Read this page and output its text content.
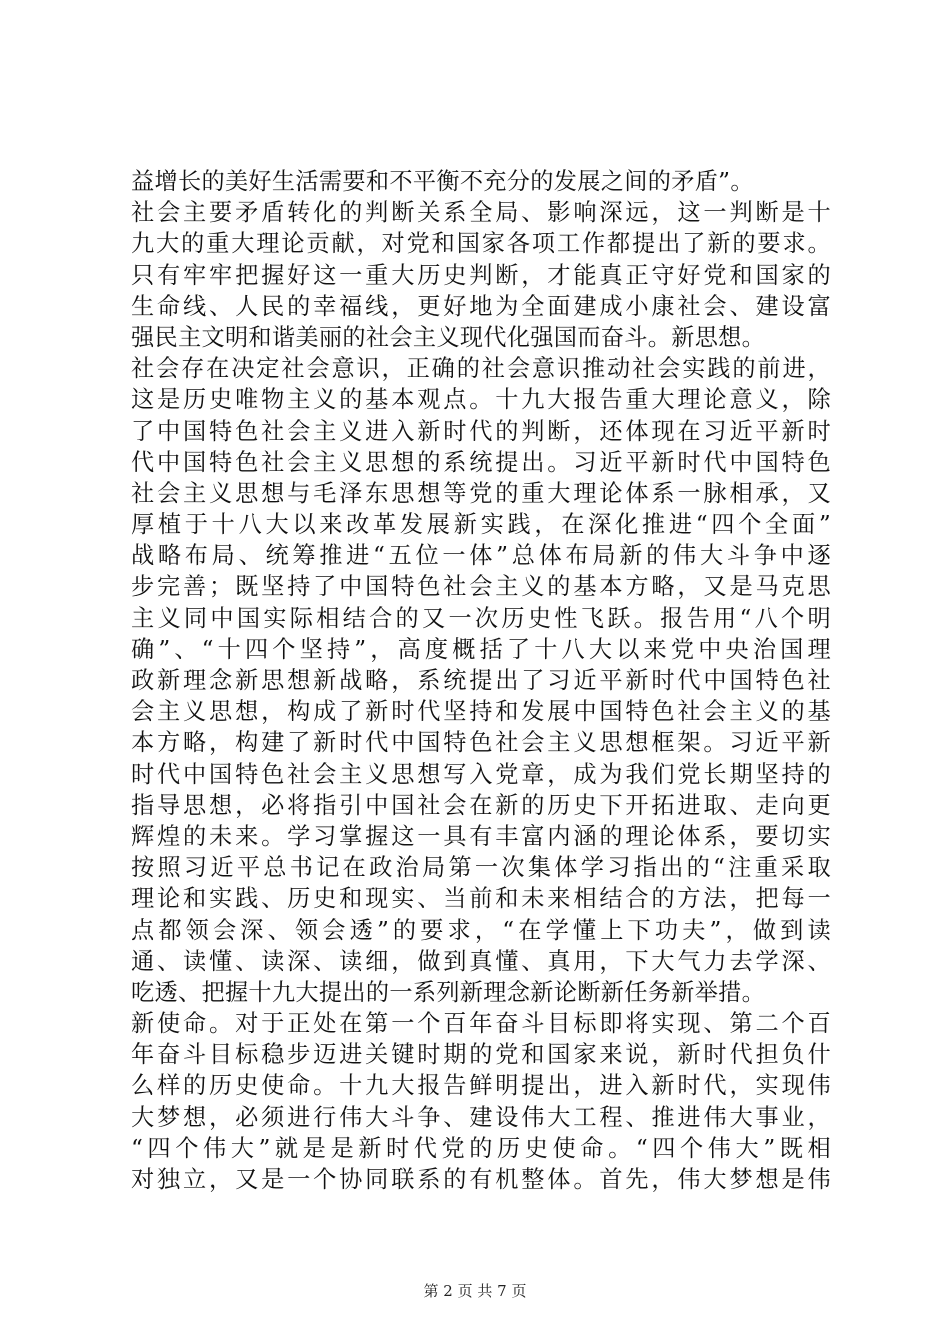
益增长的美好生活需要和不平衡不充分的发展之间的矛盾”。
社会主要矛盾转化的判断关系全局、影响深远，这一判断是十
九大的重大理论贡献，对党和国家各项工作都提出了新的要求。
只有牢牢把握好这一重大历史判断，才能真正守好党和国家的
生命线、人民的幸福线，更好地为全面建成小康社会、建设富
强民主文明和谐美丽的社会主义现代化强国而奋斗。新思想。
社会存在决定社会意识，正确的社会意识推动社会实践的前进，
这是历史唯物主义的基本观点。十九大报告重大理论意义，除
了中国特色社会主义进入新时代的判断，还体现在习近平新时
代中国特色社会主义思想的系统提出。习近平新时代中国特色
社会主义思想与毛泽东思想等党的重大理论体系一脉相承，又
厚植于十八大以来改革发展新实践，在深化推进“四个全面”
战略布局、统筹推进“五位一体”总体布局新的伟大斗争中逐
步完善；既坚持了中国特色社会主义的基本方略，又是马克思
主义同中国实际相结合的又一次历史性飞跃。报告用“八个明
确”、“十四个坚持”，高度概括了十八大以来党中央治国理
政新理念新思想新战略，系统提出了习近平新时代中国特色社
会主义思想，构成了新时代坚持和发展中国特色社会主义的基
本方略，构建了新时代中国特色社会主义思想框架。习近平新
时代中国特色社会主义思想写入党章，成为我们党长期坚持的
指导思想，必将指引中国社会在新的历史下开拓进取、走向更
辉煌的未来。学习掌握这一具有丰富内涵的理论体系，要切实
按照习近平总书记在政治局第一次集体学习指出的“注重采取
理论和实践、历史和现实、当前和未来相结合的方法，把每一
点都领会深、领会透”的要求，“在学懂上下功夫”，做到读
通、读懂、读深、读细，做到真懂、真用，下大气力去学深、
吃透、把握十九大提出的一系列新理念新论断新任务新举措。
新使命。对于正处在第一个百年奋斗目标即将实现、第二个百
年奋斗目标稳步迈进关键时期的党和国家来说，新时代担负什
么样的历史使命。十九大报告鲜明提出，进入新时代，实现伟
大梦想，必须进行伟大斗争、建设伟大工程、推进伟大事业，
“四个伟大”就是是新时代党的历史使命。“四个伟大”既相
对独立，又是一个协同联系的有机整体。首先，伟大梦想是伟
第 2 页 共 7 页
